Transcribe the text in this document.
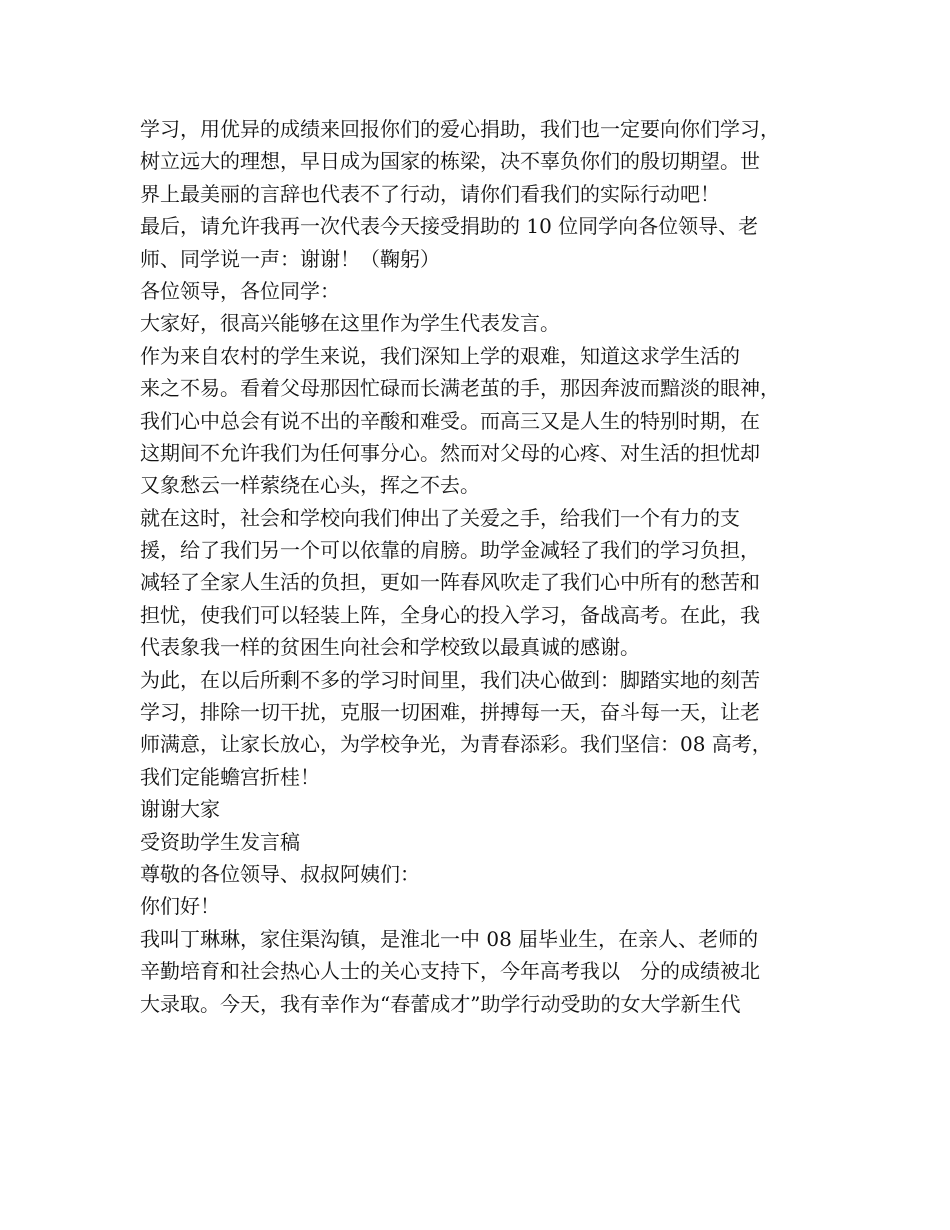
学习，用优异的成绩来回报你们的爱心捐助，我们也一定要向你们学习，
树立远大的理想，早日成为国家的栋梁，决不辜负你们的殷切期望。世
界上最美丽的言辞也代表不了行动，请你们看我们的实际行动吧！
最后，请允许我再一次代表今天接受捐助的 10 位同学向各位领导、老
师、同学说一声：谢谢！（鞠躬）
各位领导，各位同学：
大家好，很高兴能够在这里作为学生代表发言。
作为来自农村的学生来说，我们深知上学的艰难，知道这求学生活的
来之不易。看着父母那因忙碌而长满老茧的手，那因奔波而黯淡的眼神，
我们心中总会有说不出的辛酸和难受。而高三又是人生的特别时期，在
这期间不允许我们为任何事分心。然而对父母的心疼、对生活的担忧却
又象愁云一样萦绕在心头，挥之不去。
就在这时，社会和学校向我们伸出了关爱之手，给我们一个有力的支
援，给了我们另一个可以依靠的肩膀。助学金减轻了我们的学习负担，
减轻了全家人生活的负担，更如一阵春风吹走了我们心中所有的愁苦和
担忧，使我们可以轻装上阵，全身心的投入学习，备战高考。在此，我
代表象我一样的贫困生向社会和学校致以最真诚的感谢。
为此，在以后所剩不多的学习时间里，我们决心做到：脚踏实地的刻苦
学习，排除一切干扰，克服一切困难，拼搏每一天，奋斗每一天，让老
师满意，让家长放心，为学校争光，为青春添彩。我们坚信：08 高考，
我们定能蟾宫折桂！
谢谢大家
受资助学生发言稿
尊敬的各位领导、叔叔阿姨们：
你们好！
我叫丁琳琳，家住渠沟镇，是淮北一中 08 届毕业生，在亲人、老师的
辛勤培育和社会热心人士的关心支持下，今年高考我以　分的成绩被北
大录取。今天，我有幸作为“春蕾成才”助学行动受助的女大学新生代
